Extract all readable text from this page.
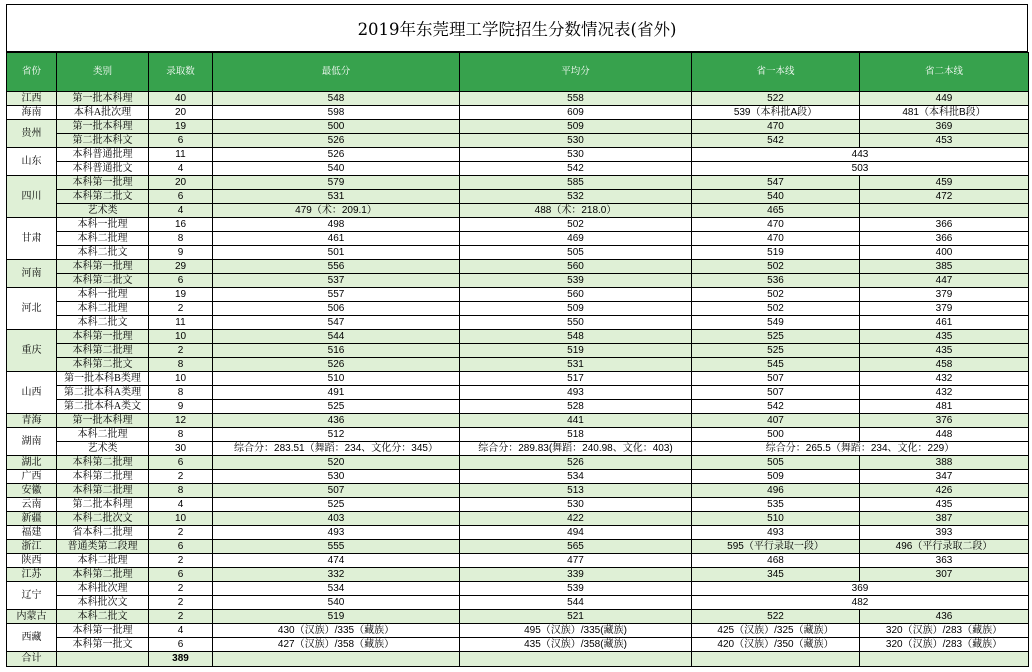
2019年东莞理工学院招生分数情况表(省外)
省份	类别	录取数	最低分	平均分	省一本线	省二本线
江西	第一批本科理	40	548	558	522	449
海南	本科A批次理	20	598	609	539（本科批A段）	481（本科批B段）
贵州	第一批本科理	19	500	509	470	369
	第二批本科文	6	526	530	542	453
山东	本科普通批理	11	526	530	443	
	本科普通批文	4	540	542	503	
四川	本科第一批理	20	579	585	547	459
	本科第二批文	6	531	532	540	472
	艺术类	4	479（术：209.1）	488（术：218.0）	465	
甘肃	本科一批理	16	498	502	470	366
	本科二批理	8	461	469	470	366
	本科二批文	9	501	505	519	400
河南	本科第一批理	29	556	560	502	385
	本科第二批文	6	537	539	536	447
河北	本科一批理	19	557	560	502	379
	本科二批理	2	506	509	502	379
	本科二批文	11	547	550	549	461
重庆	本科第一批理	10	544	548	525	435
	本科第二批理	2	516	519	525	435
	本科第二批文	8	526	531	545	458
山西	第一批本科B类理	10	510	517	507	432
	第二批本科A类理	8	491	493	507	432
	第二批本科A类文	9	525	528	542	481
青海	第一批本科理	12	436	441	407	376
湖南	本科二批理	8	512	518	500	448
	艺术类	30	综合分：283.51（舞蹈：234、文化分：345）	综合分：289.83(舞蹈：240.98、文化：403)	综合分：265.5（舞蹈：234、文化：229）	
湖北	本科第二批理	6	520	526	505	388
广西	本科第二批理	2	530	534	509	347
安徽	本科第二批理	8	507	513	496	426
云南	第二批本科理	4	525	530	535	435
新疆	本科二批次文	10	403	422	510	387
福建	省本科二批理	2	493	494	493	393
浙江	普通类第二段理	6	555	565	595（平行录取一段）	496（平行录取二段）
陕西	本科二批理	2	474	477	468	363
江苏	本科第二批理	6	332	339	345	307
辽宁	本科批次理	2	534	539	369	
	本科批次文	2	540	544	482	
内蒙古	本科二批文	2	519	521	522	436
西藏	本科第一批理	4	430（汉族）/335（藏族）	495（汉族）/335(藏族)	425（汉族）/325（藏族）	320（汉族）/283（藏族）
	本科第一批文	6	427（汉族）/358（藏族）	435（汉族）/358(藏族)	420（汉族）/350（藏族）	320（汉族）/283（藏族）
合计		389				
